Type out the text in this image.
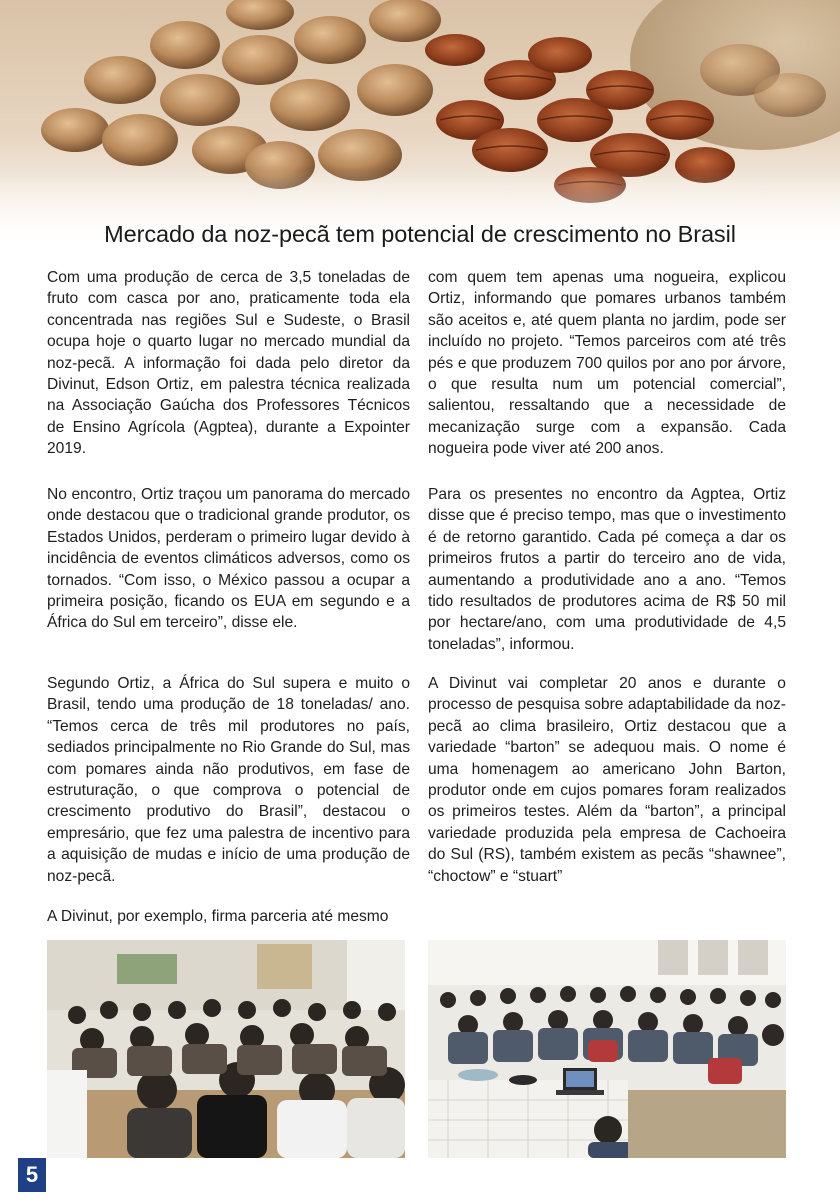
Mercado da noz-pecã tem potencial de crescimento no Brasil

Com uma produção de cerca de 3,5 toneladas de fruto com casca por ano, praticamente toda ela concentrada nas regiões Sul e Sudeste, o Brasil ocupa hoje o quarto lugar no mercado mundial da noz-pecã. A informação foi dada pelo diretor da Divinut, Edson Ortiz, em palestra técnica realizada na Associação Gaúcha dos Professores Técnicos de Ensino Agrícola (Agptea), durante a Expointer 2019.

No encontro, Ortiz traçou um panorama do mercado onde destacou que o tradicional grande produtor, os Estados Unidos, perderam o primeiro lugar devido à incidência de eventos climáticos adversos, como os tornados. “Com isso, o México passou a ocupar a primeira posição, ficando os EUA em segundo e a África do Sul em terceiro”, disse ele.

Segundo Ortiz, a África do Sul supera e muito o Brasil, tendo uma produção de 18 toneladas/ ano. “Temos cerca de três mil produtores no país, sediados principalmente no Rio Grande do Sul, mas com pomares ainda não produtivos, em fase de estruturação, o que comprova o potencial de crescimento produtivo do Brasil”, destacou o empresário, que fez uma palestra de incentivo para a aquisição de mudas e início de uma produção de noz-pecã.

A Divinut, por exemplo, firma parceria até mesmo

com quem tem apenas uma nogueira, explicou Ortiz, informando que pomares urbanos também são aceitos e, até quem planta no jardim, pode ser incluído no projeto. “Temos parceiros com até três pés e que produzem 700 quilos por ano por árvore, o que resulta num um potencial comercial”, salientou, ressaltando que a necessidade de mecanização surge com a expansão. Cada nogueira pode viver até 200 anos.

Para os presentes no encontro da Agptea, Ortiz disse que é preciso tempo, mas que o investimento é de retorno garantido. Cada pé começa a dar os primeiros frutos a partir do terceiro ano de vida, aumentando a produtividade ano a ano. “Temos tido resultados de produtores acima de R$ 50 mil por hectare/ano, com uma produtividade de 4,5 toneladas”, informou.

A Divinut vai completar 20 anos e durante o processo de pesquisa sobre adaptabilidade da noz-pecã ao clima brasileiro, Ortiz destacou que a variedade “barton” se adequou mais. O nome é uma homenagem ao americano John Barton, produtor onde em cujos pomares foram realizados os primeiros testes. Além da “barton”, a principal variedade produzida pela empresa de Cachoeira do Sul (RS), também existem as pecãs “shawnee”, “choctow” e “stuart”

5
